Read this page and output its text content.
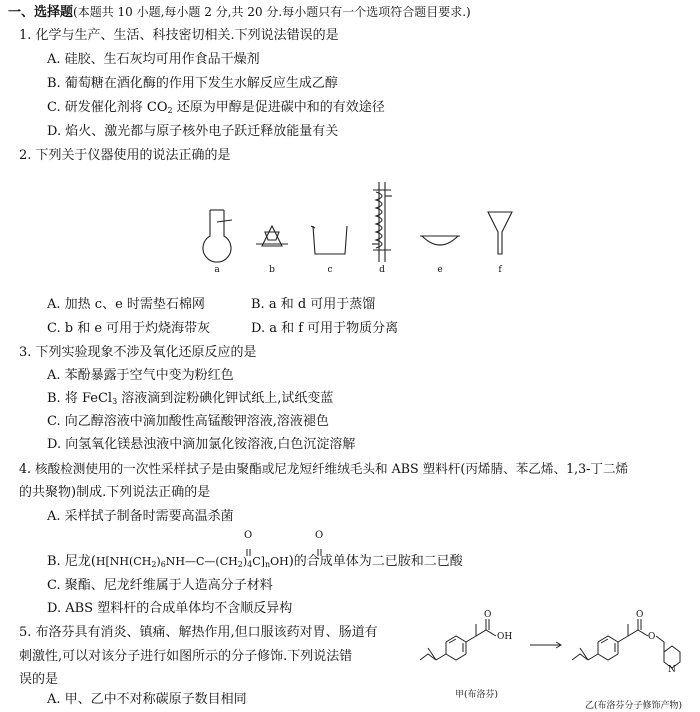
一、选择题(本题共 10 小题,每小题 2 分,共 20 分.每小题只有一个选项符合题目要求.)
1. 化学与生产、生活、科技密切相关.下列说法错误的是
A. 硅胶、生石灰均可用作食品干燥剂
B. 葡萄糖在酒化酶的作用下发生水解反应生成乙醇
C. 研发催化剂将 $CO_2$ 还原为甲醇是促进碳中和的有效途径
D. 焰火、激光都与原子核外电子跃迁释放能量有关
2. 下列关于仪器使用的说法正确的是
a	b	c	d	e	f
OH
O	O
O
N
甲(布洛芬)
乙(布洛芬分子修饰产物)
A. 加热 c、e 时需垫石棉网	B. a 和 d 可用于蒸馏
C. b 和 e 可用于灼烧海带灰	D. a 和 f 可用于物质分离
3. 下列实验现象不涉及氧化还原反应的是
A. 苯酚暴露于空气中变为粉红色
B. 将 FeCl$_3$ 溶液滴到淀粉碘化钾试纸上,试纸变蓝
C. 向乙醇溶液中滴加酸性高锰酸钾溶液,溶液褪色
D. 向氢氧化镁悬浊液中滴加氯化铵溶液,白色沉淀溶解
4. 核酸检测使用的一次性采样拭子是由聚酯或尼龙短纤维绒毛头和 ABS 塑料杆(丙烯腈、苯乙烯、1,3-丁二烯
的共聚物)制成.下列说法正确的是
A. 采样拭子制备时需要高温杀菌
O	O
B. 尼龙$(H[NH(CH_2)_6NH—C—(CH_2)_4C]_nOH)$的合成单体为二已胺和二已酸
C. 聚酯、尼龙纤维属于人造高分子材料
D. ABS 塑料杆的合成单体均不含顺反异构
5. 布洛芬具有消炎、镇痛、解热作用,但口服该药对胃、肠道有
刺激性,可以对该分子进行如图所示的分子修饰.下列说法错
误的是
A. 甲、乙中不对称碳原子数目相同
